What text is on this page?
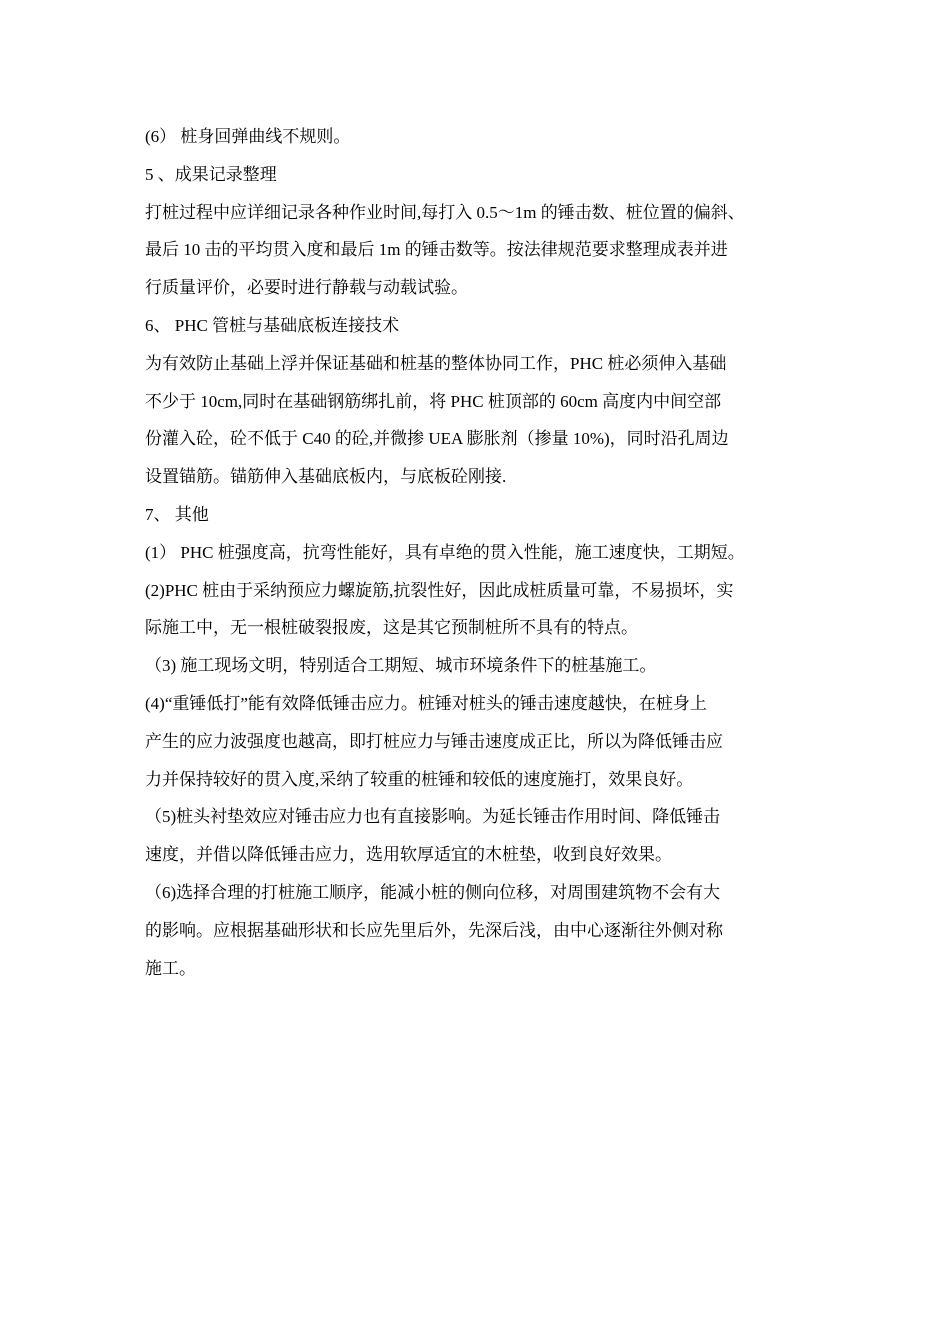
(6） 桩身回弹曲线不规则。

5 、成果记录整理

打桩过程中应详细记录各种作业时间,每打入 0.5～1m 的锤击数、桩位置的偏斜、

最后 10 击的平均贯入度和最后 1m 的锤击数等。按法律规范要求整理成表并进

行质量评价，必要时进行静载与动载试验。

6、 PHC 管桩与基础底板连接技术

为有效防止基础上浮并保证基础和桩基的整体协同工作，PHC 桩必须伸入基础

不少于 10cm,同时在基础钢筋绑扎前，将 PHC 桩顶部的 60cm 高度内中间空部

份灌入砼，砼不低于 C40 的砼,并微掺 UEA 膨胀剂（掺量 10%)，同时沿孔周边

设置锚筋。锚筋伸入基础底板内，与底板砼刚接.

7、 其他

(1） PHC 桩强度高，抗弯性能好，具有卓绝的贯入性能，施工速度快，工期短。

(2)PHC 桩由于采纳预应力螺旋筋,抗裂性好，因此成桩质量可靠，不易损坏，实

际施工中，无一根桩破裂报废，这是其它预制桩所不具有的特点。

（3) 施工现场文明，特别适合工期短、城市环境条件下的桩基施工。

(4)“重锤低打”能有效降低锤击应力。桩锤对桩头的锤击速度越快，在桩身上

产生的应力波强度也越高，即打桩应力与锤击速度成正比，所以为降低锤击应

力并保持较好的贯入度,采纳了较重的桩锤和较低的速度施打，效果良好。

（5)桩头衬垫效应对锤击应力也有直接影响。为延长锤击作用时间、降低锤击

速度，并借以降低锤击应力，选用软厚适宜的木桩垫，收到良好效果。

（6)选择合理的打桩施工顺序，能减小桩的侧向位移，对周围建筑物不会有大

的影响。应根据基础形状和长应先里后外，先深后浅，由中心逐渐往外侧对称

施工。
